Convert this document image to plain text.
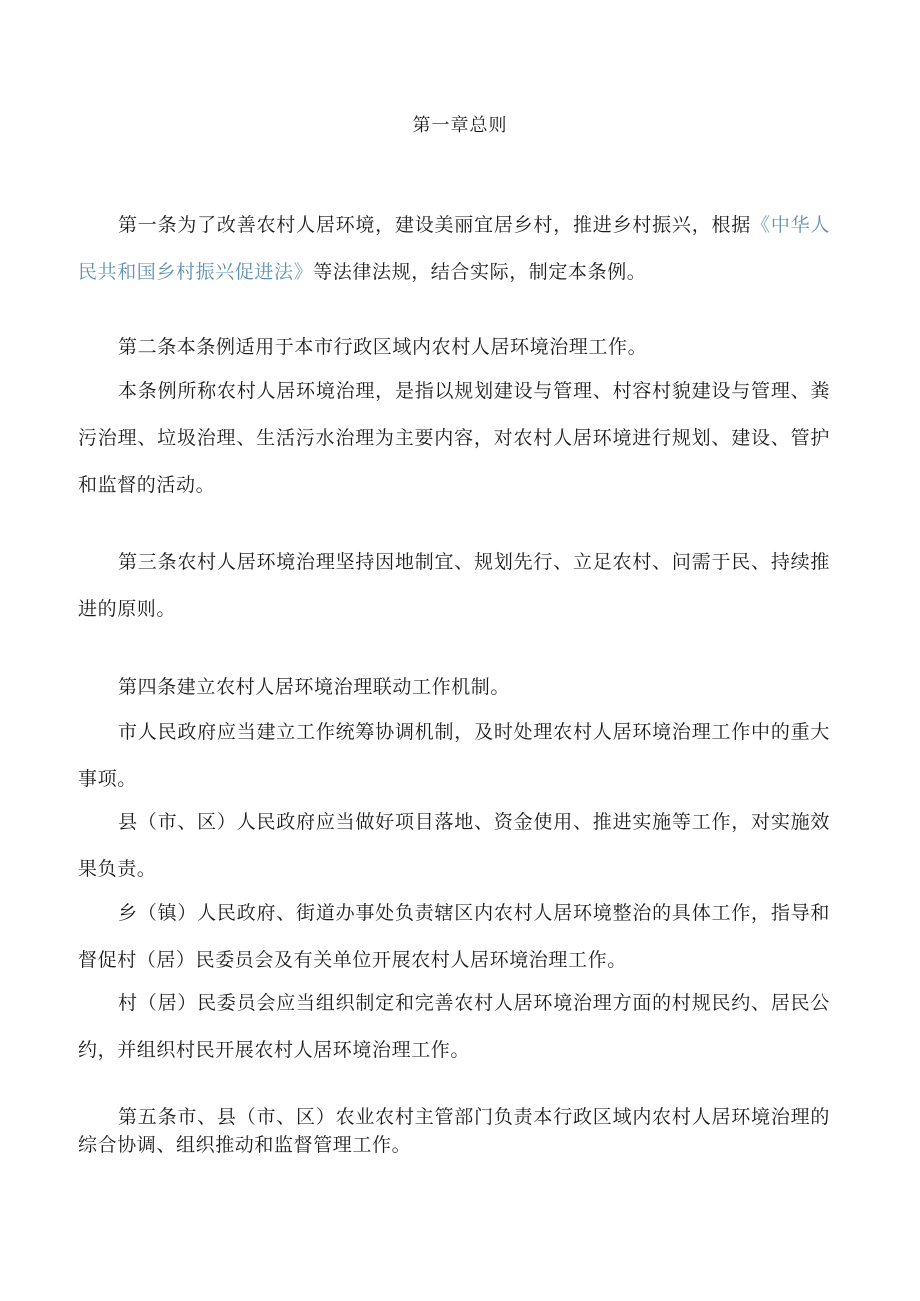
第一章总则

第一条为了改善农村人居环境，建设美丽宜居乡村，推进乡村振兴，根据《中华人民共和国乡村振兴促进法》等法律法规，结合实际，制定本条例。

第二条本条例适用于本市行政区域内农村人居环境治理工作。

本条例所称农村人居环境治理，是指以规划建设与管理、村容村貌建设与管理、粪污治理、垃圾治理、生活污水治理为主要内容，对农村人居环境进行规划、建设、管护和监督的活动。

第三条农村人居环境治理坚持因地制宜、规划先行、立足农村、问需于民、持续推进的原则。

第四条建立农村人居环境治理联动工作机制。

市人民政府应当建立工作统筹协调机制，及时处理农村人居环境治理工作中的重大事项。

县（市、区）人民政府应当做好项目落地、资金使用、推进实施等工作，对实施效果负责。

乡（镇）人民政府、街道办事处负责辖区内农村人居环境整治的具体工作，指导和督促村（居）民委员会及有关单位开展农村人居环境治理工作。

村（居）民委员会应当组织制定和完善农村人居环境治理方面的村规民约、居民公约，并组织村民开展农村人居环境治理工作。

第五条市、县（市、区）农业农村主管部门负责本行政区域内农村人居环境治理的综合协调、组织推动和监督管理工作。
